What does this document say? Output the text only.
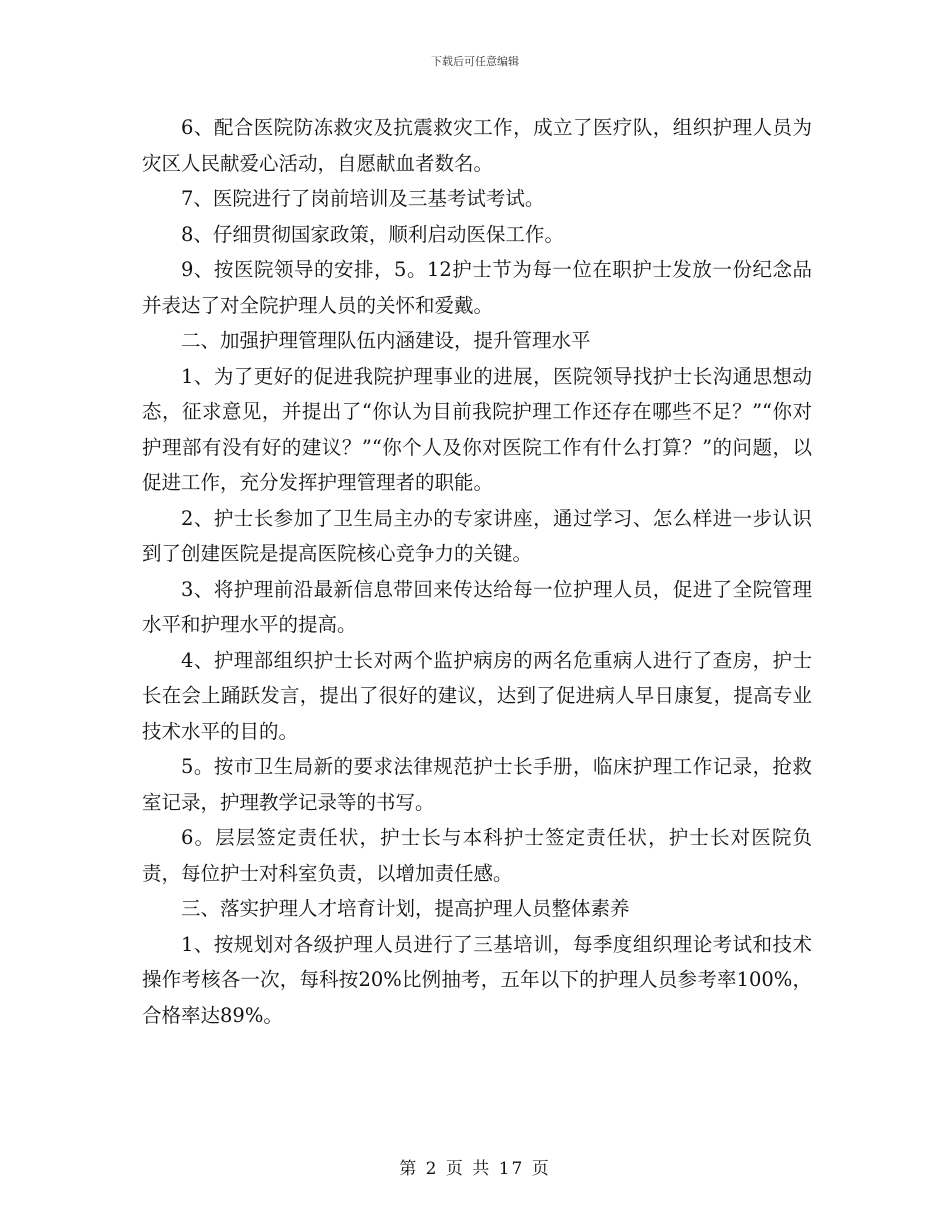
下载后可任意编辑

6、配合医院防冻救灾及抗震救灾工作，成立了医疗队，组织护理人员为灾区人民献爱心活动，自愿献血者数名。

7、医院进行了岗前培训及三基考试考试。

8、仔细贯彻国家政策，顺利启动医保工作。

9、按医院领导的安排，5。12护士节为每一位在职护士发放一份纪念品并表达了对全院护理人员的关怀和爱戴。

二、加强护理管理队伍内涵建设，提升管理水平

1、为了更好的促进我院护理事业的进展，医院领导找护士长沟通思想动态，征求意见，并提出了“你认为目前我院护理工作还存在哪些不足？”“你对护理部有没有好的建议？”“你个人及你对医院工作有什么打算？”的问题，以促进工作，充分发挥护理管理者的职能。

2、护士长参加了卫生局主办的专家讲座，通过学习、怎么样进一步认识到了创建医院是提高医院核心竞争力的关键。

3、将护理前沿最新信息带回来传达给每一位护理人员，促进了全院管理水平和护理水平的提高。

4、护理部组织护士长对两个监护病房的两名危重病人进行了查房，护士长在会上踊跃发言，提出了很好的建议，达到了促进病人早日康复，提高专业技术水平的目的。

5。按市卫生局新的要求法律规范护士长手册，临床护理工作记录，抢救室记录，护理教学记录等的书写。

6。层层签定责任状，护士长与本科护士签定责任状，护士长对医院负责，每位护士对科室负责，以增加责任感。

三、落实护理人才培育计划，提高护理人员整体素养

1、按规划对各级护理人员进行了三基培训，每季度组织理论考试和技术操作考核各一次，每科按20%比例抽考，五年以下的护理人员参考率100%，合格率达89%。

第 2 页 共 17 页
